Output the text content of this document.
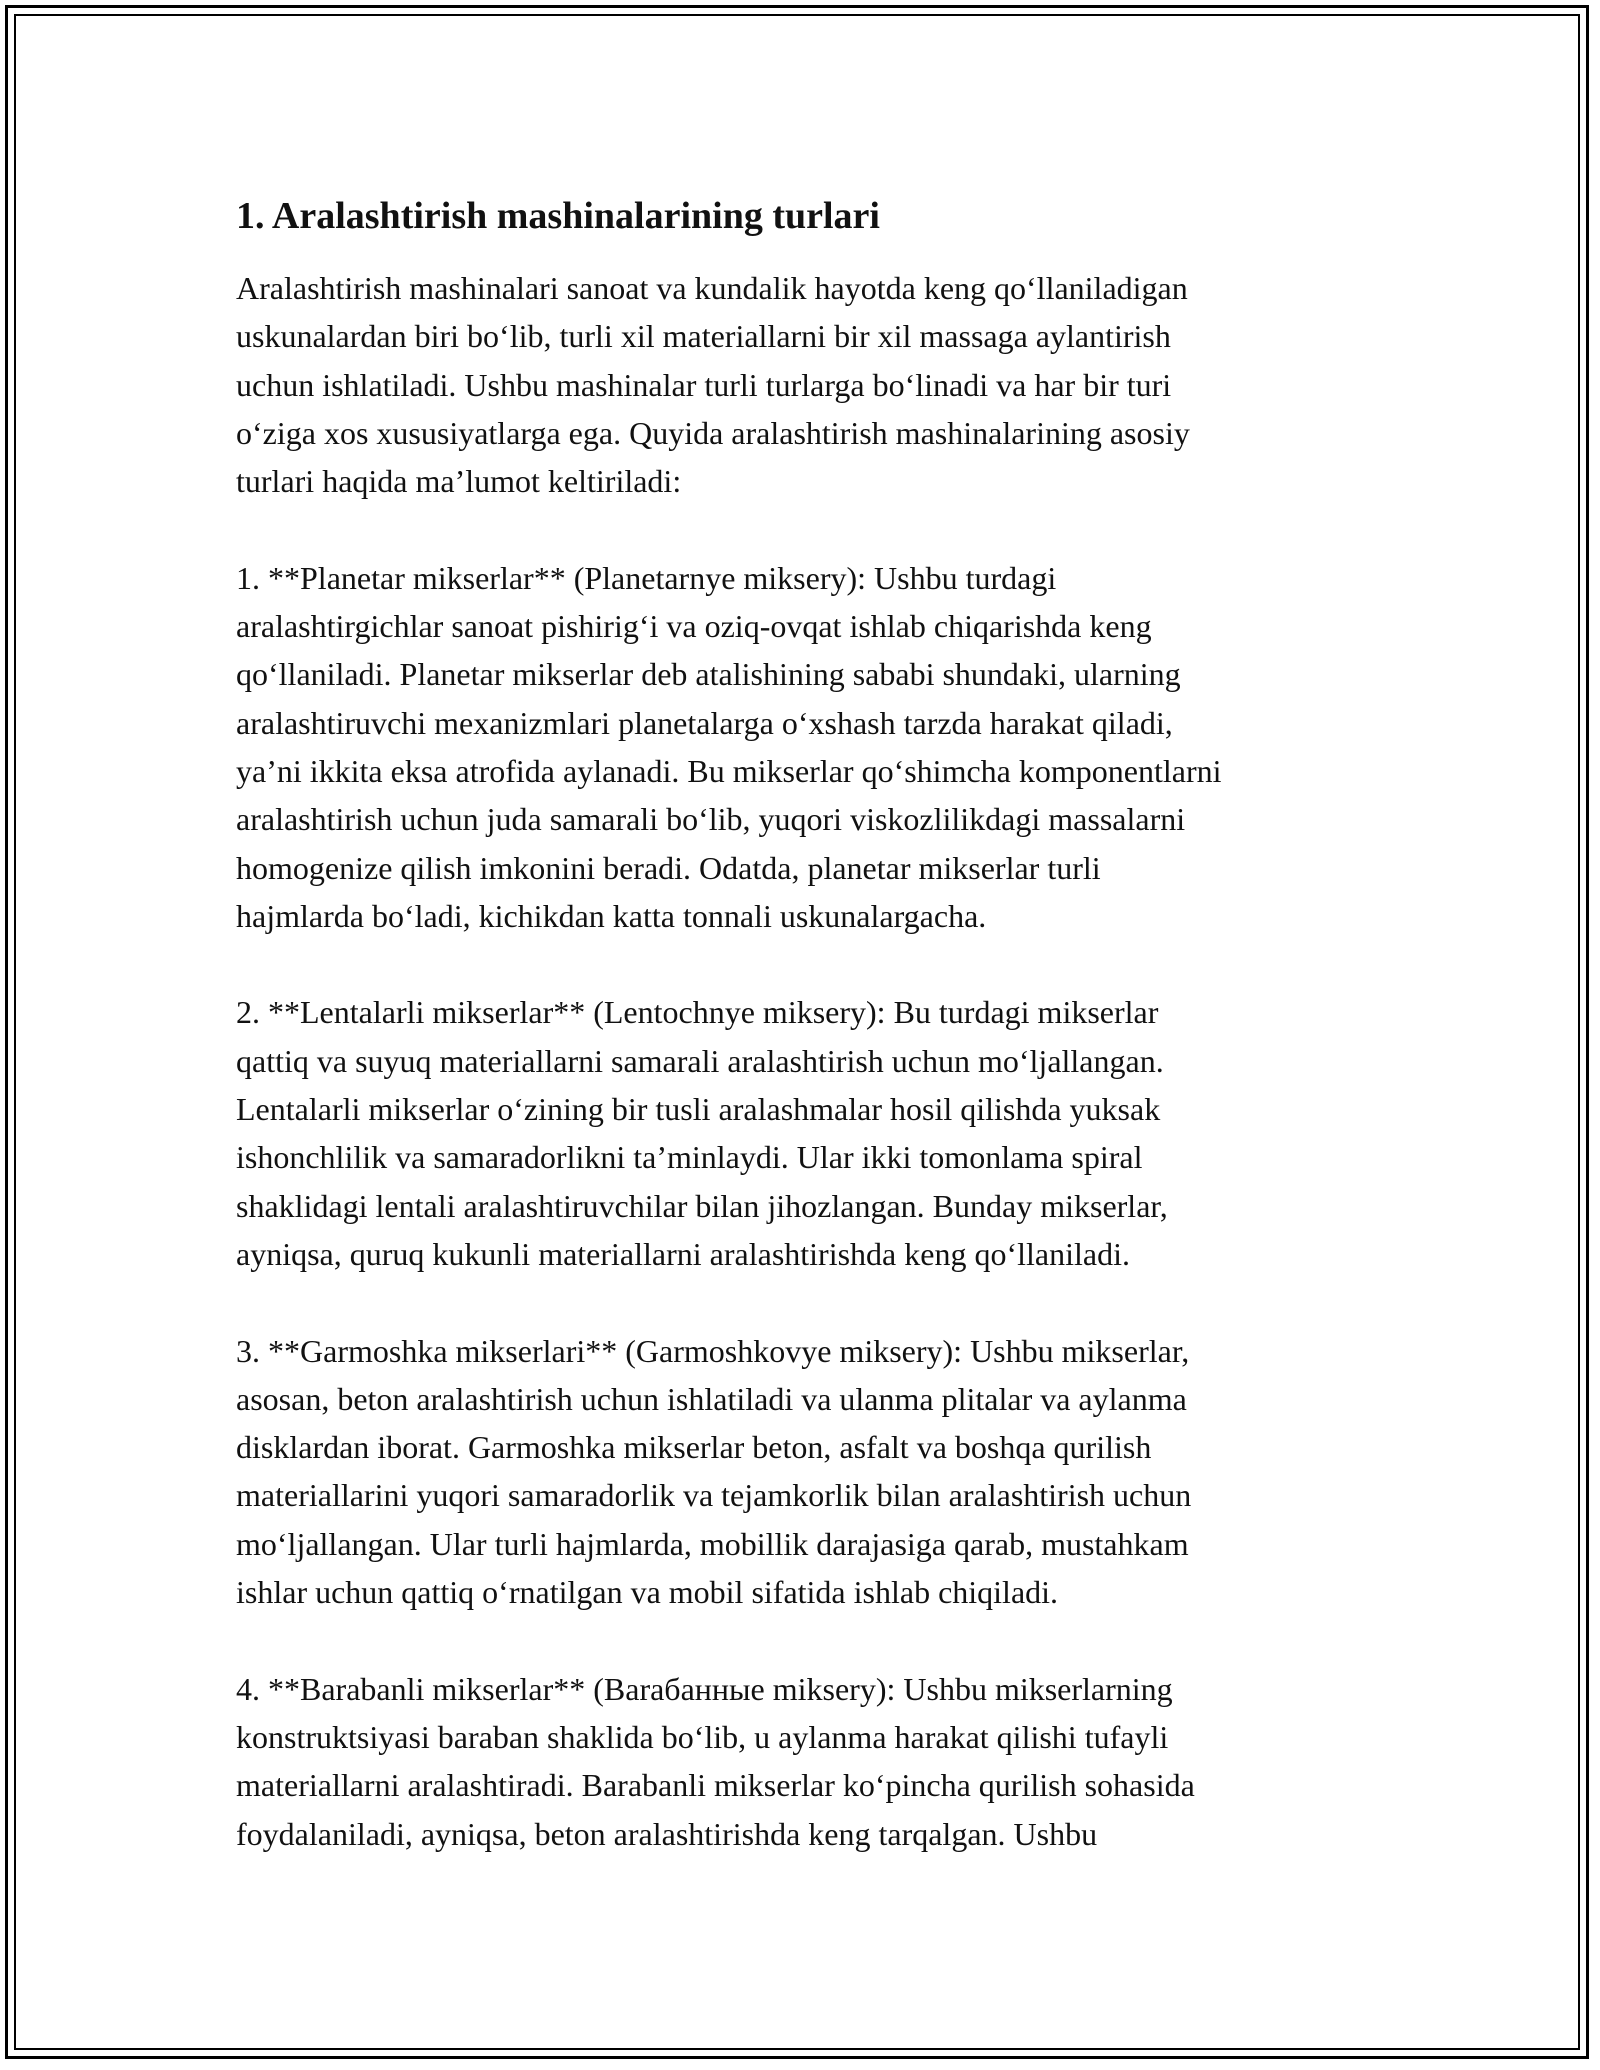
1. Aralashtirish mashinalarining turlari
Aralashtirish mashinalari sanoat va kundalik hayotda keng qo‘llaniladigan
uskunalardan biri bo‘lib, turli xil materiallarni bir xil massaga aylantirish
uchun ishlatiladi. Ushbu mashinalar turli turlarga bo‘linadi va har bir turi
o‘ziga xos xususiyatlarga ega. Quyida aralashtirish mashinalarining asosiy
turlari haqida ma’lumot keltiriladi:
1. **Planetar mikserlar** (Planetarnye miksery): Ushbu turdagi
aralashtirgichlar sanoat pishirig‘i va oziq-ovqat ishlab chiqarishda keng
qo‘llaniladi. Planetar mikserlar deb atalishining sababi shundaki, ularning
aralashtiruvchi mexanizmlari planetalarga o‘xshash tarzda harakat qiladi,
ya’ni ikkita eksa atrofida aylanadi. Bu mikserlar qo‘shimcha komponentlarni
aralashtirish uchun juda samarali bo‘lib, yuqori viskozlilikdagi massalarni
homogenize qilish imkonini beradi. Odatda, planetar mikserlar turli
hajmlarda bo‘ladi, kichikdan katta tonnali uskunalargacha.
2. **Lentalarli mikserlar** (Lentochnye miksery): Bu turdagi mikserlar
qattiq va suyuq materiallarni samarali aralashtirish uchun mo‘ljallangan.
Lentalarli mikserlar o‘zining bir tusli aralashmalar hosil qilishda yuksak
ishonchlilik va samaradorlikni ta’minlaydi. Ular ikki tomonlama spiral
shaklidagi lentali aralashtiruvchilar bilan jihozlangan. Bunday mikserlar,
ayniqsa, quruq kukunli materiallarni aralashtirishda keng qo‘llaniladi.
3. **Garmoshka mikserlari** (Garmoshkovye miksery): Ushbu mikserlar,
asosan, beton aralashtirish uchun ishlatiladi va ulanma plitalar va aylanma
disklardan iborat. Garmoshka mikserlar beton, asfalt va boshqa qurilish
materiallarini yuqori samaradorlik va tejamkorlik bilan aralashtirish uchun
mo‘ljallangan. Ular turli hajmlarda, mobillik darajasiga qarab, mustahkam
ishlar uchun qattiq o‘rnatilgan va mobil sifatida ishlab chiqiladi.
4. **Barabanli mikserlar** (Вarабанные miksery): Ushbu mikserlarning
konstruktsiyasi baraban shaklida bo‘lib, u aylanma harakat qilishi tufayli
materiallarni aralashtiradi. Barabanli mikserlar ko‘pincha qurilish sohasida
foydalaniladi, ayniqsa, beton aralashtirishda keng tarqalgan. Ushbu
